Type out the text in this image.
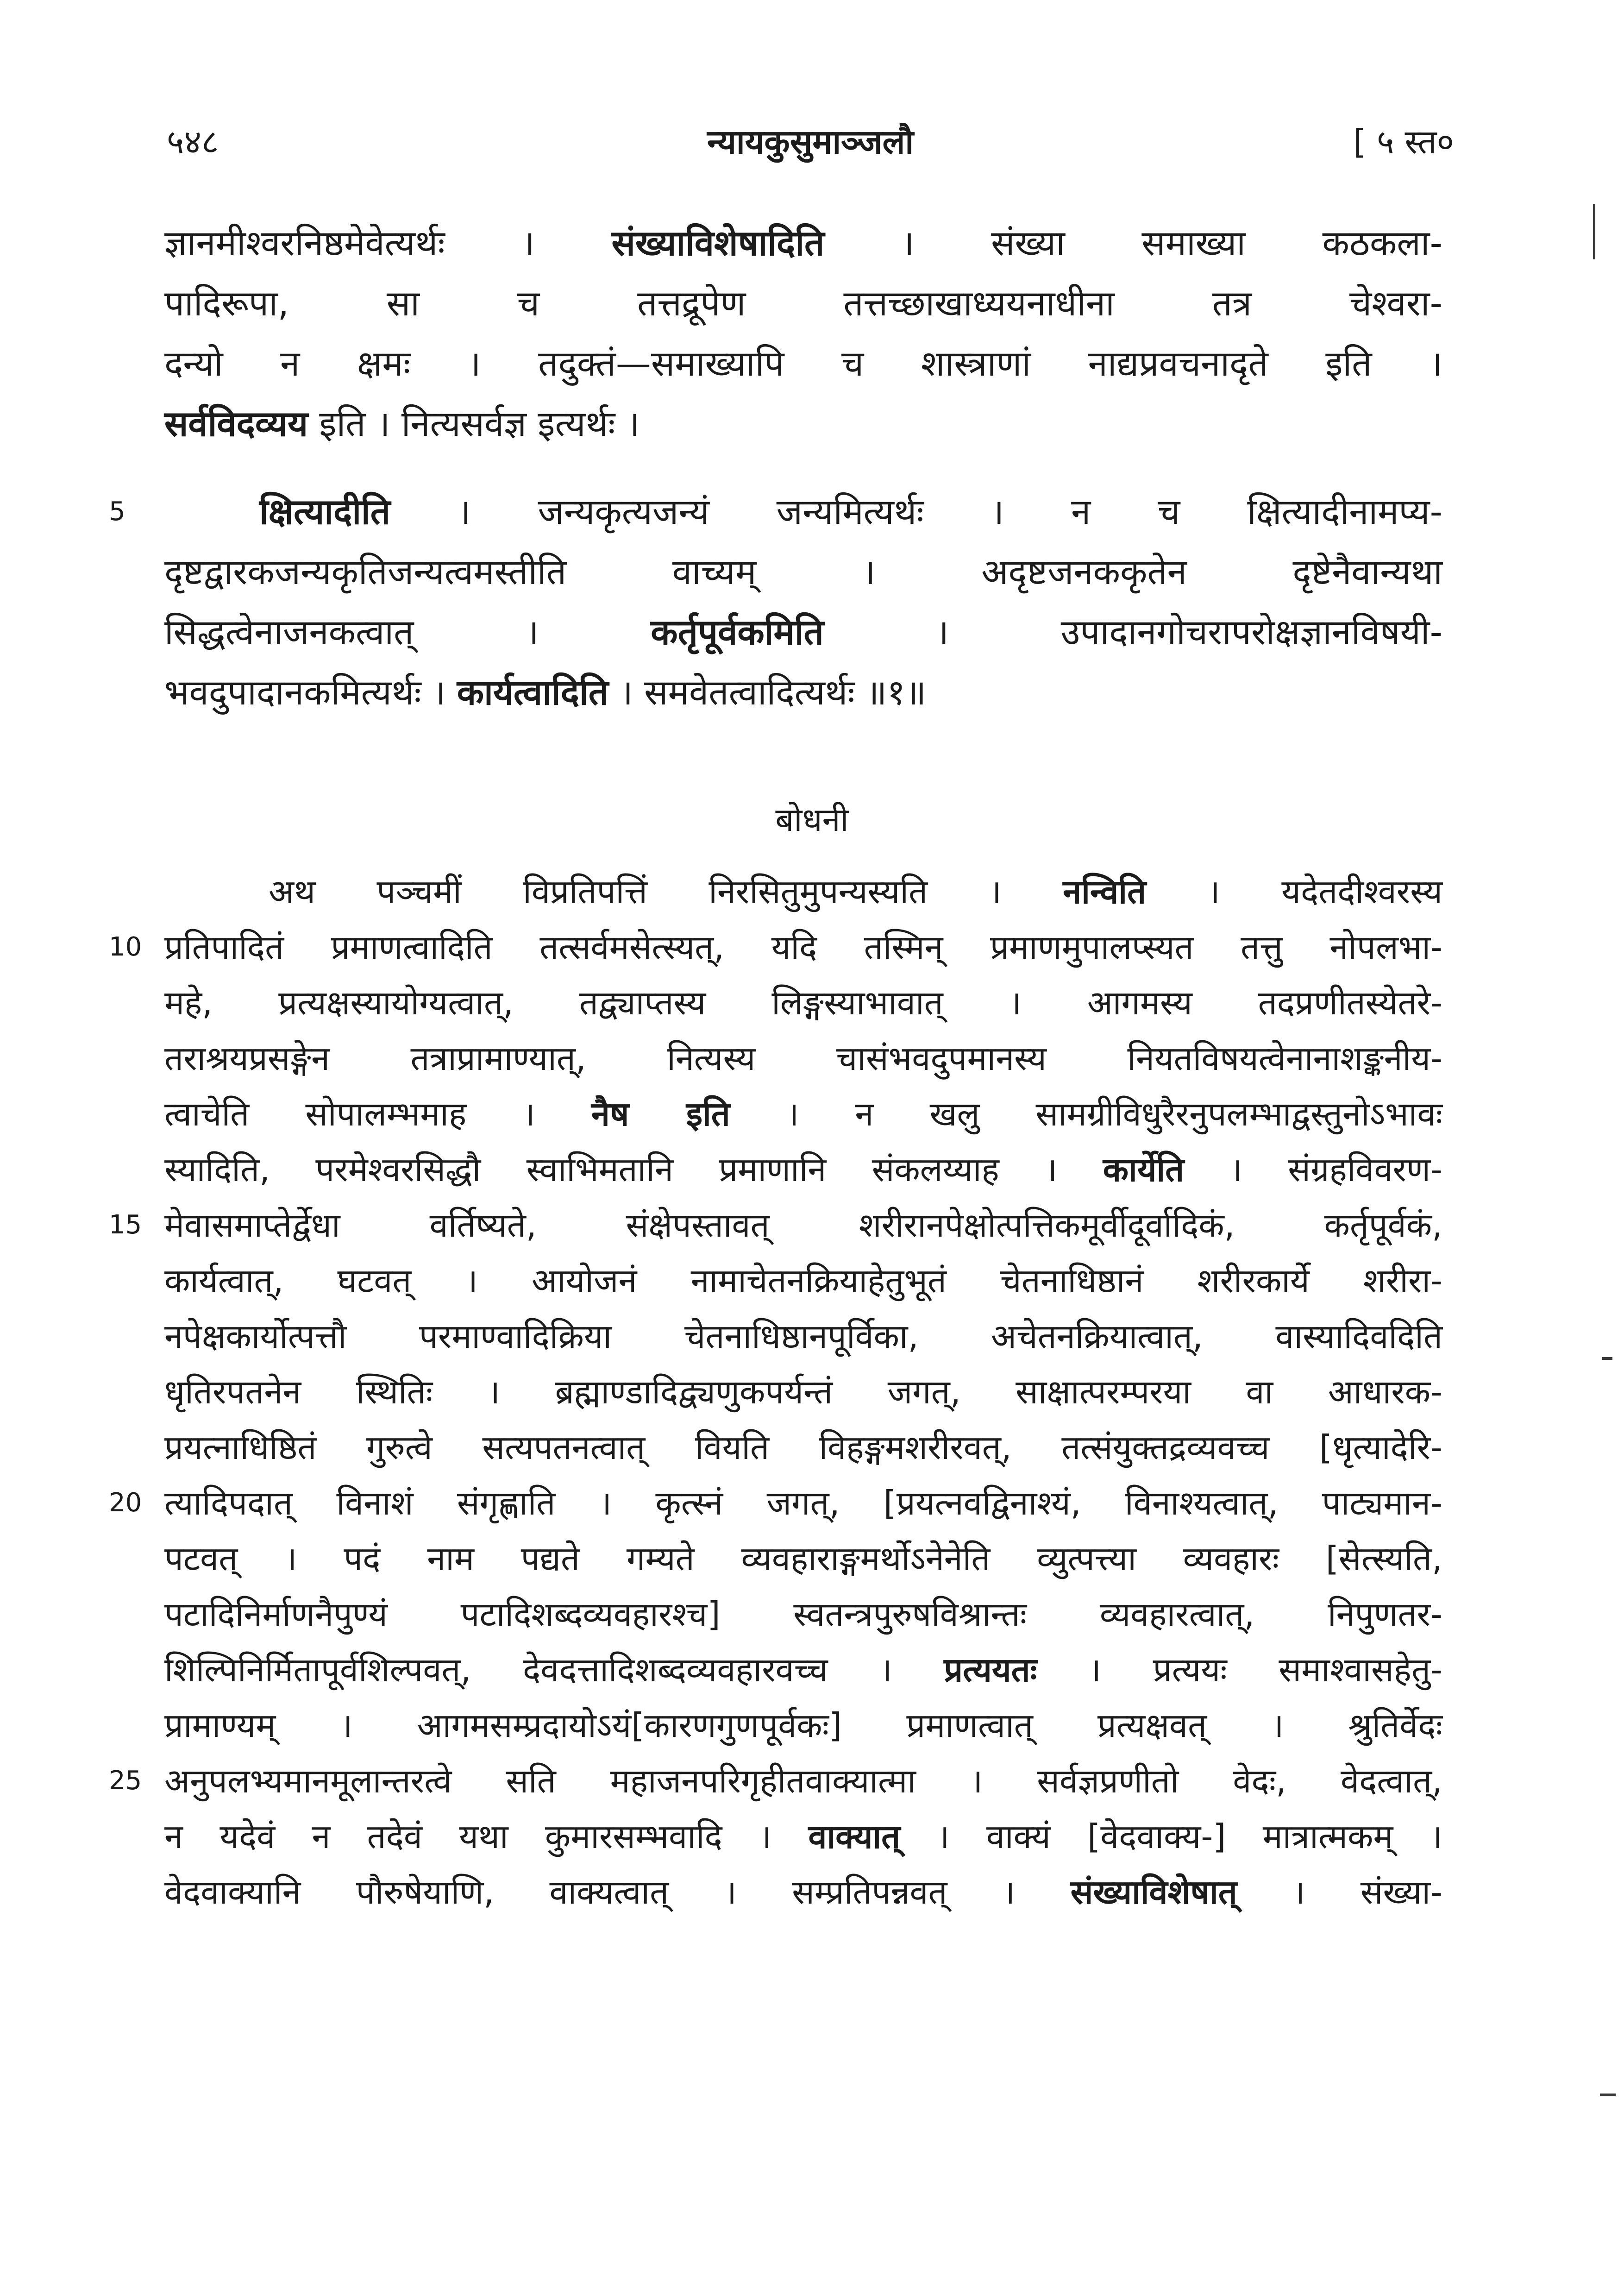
५४८	न्यायकुसुमाञ्जलौ	[ ५ स्त०
ज्ञानमीश्वरनिष्ठमेवेत्यर्थः । संख्याविशेषादिति । संख्या समाख्या कठकला-
पादिरूपा, सा च तत्तद्रूपेण तत्तच्छाखाध्ययनाधीना तत्र चेश्वरा-
दन्यो न क्षमः । तदुक्तं—समाख्यापि च शास्त्राणां नाद्यप्रवचनादृते इति ।
सर्वविदव्यय इति । नित्यसर्वज्ञ इत्यर्थः ।
5	क्षित्यादीति । जन्यकृत्यजन्यं जन्यमित्यर्थः । न च क्षित्यादीनामप्य-
दृष्टद्वारकजन्यकृतिजन्यत्वमस्तीति वाच्यम् । अदृष्टजनककृतेन दृष्टेनैवान्यथा
सिद्धत्वेनाजनकत्वात् । कर्तृपूर्वकमिति । उपादानगोचरापरोक्षज्ञानविषयी-
भवदुपादानकमित्यर्थः । कार्यत्वादिति । समवेतत्वादित्यर्थः ॥१॥
बोधनी
अथ पञ्चमीं विप्रतिपत्तिं निरसितुमुपन्यस्यति । नन्विति । यदेतदीश्वरस्य
10 प्रतिपादितं प्रमाणत्वादिति तत्सर्वमसेत्स्यत्, यदि तस्मिन् प्रमाणमुपालप्स्यत तत्तु नोपलभा-
महे, प्रत्यक्षस्यायोग्यत्वात्, तद्व्याप्तस्य लिङ्गस्याभावात् । आगमस्य तदप्रणीतस्येतरे-
तराश्रयप्रसङ्गेन तत्राप्रामाण्यात्, नित्यस्य चासंभवदुपमानस्य नियतविषयत्वेनानाशङ्कनीय-
त्वाचेति सोपालम्भमाह । नैष इति । न खलु सामग्रीविधुरैरनुपलम्भाद्वस्तुनोऽभावः
स्यादिति, परमेश्वरसिद्धौ स्वाभिमतानि प्रमाणानि संकलय्याह । कार्येति । संग्रहविवरण-
15 मेवासमाप्तेर्द्वेधा वर्तिष्यते, संक्षेपस्तावत् शरीरानपेक्षोत्पत्तिकमूर्वीदूर्वादिकं, कर्तृपूर्वकं,
कार्यत्वात्, घटवत् । आयोजनं नामाचेतनक्रियाहेतुभूतं चेतनाधिष्ठानं शरीरकार्ये शरीरा-
नपेक्षकार्योत्पत्तौ परमाण्वादिक्रिया चेतनाधिष्ठानपूर्विका, अचेतनक्रियात्वात्, वास्यादिवदिति
धृतिरपतनेन स्थितिः । ब्रह्माण्डादिद्व्यणुकपर्यन्तं जगत्, साक्षात्परम्परया वा आधारक-
प्रयत्नाधिष्ठितं गुरुत्वे सत्यपतनत्वात् वियति विहङ्गमशरीरवत्, तत्संयुक्तद्रव्यवच्च [धृत्यादेरि-
20 त्यादिपदात् विनाशं संगृह्णाति । कृत्स्नं जगत्, [प्रयत्नवद्विनाश्यं, विनाश्यत्वात्, पाट्यमान-
पटवत् । पदं नाम पद्यते गम्यते व्यवहाराङ्गमर्थोऽनेनेति व्युत्पत्त्या व्यवहारः [सेत्स्यति,
पटादिनिर्माणनैपुण्यं पटादिशब्दव्यवहारश्च] स्वतन्त्रपुरुषविश्रान्तः व्यवहारत्वात्, निपुणतर-
शिल्पिनिर्मितापूर्वशिल्पवत्, देवदत्तादिशब्दव्यवहारवच्च । प्रत्ययतः । प्रत्ययः समाश्वासहेतु-
प्रामाण्यम् । आगमसम्प्रदायोऽयं[कारणगुणपूर्वकः] प्रमाणत्वात् प्रत्यक्षवत् । श्रुतिर्वेदः
25 अनुपलभ्यमानमूलान्तरत्वे सति महाजनपरिगृहीतवाक्यात्मा । सर्वज्ञप्रणीतो वेदः, वेदत्वात्,
न यदेवं न तदेवं यथा कुमारसम्भवादि । वाक्यात् । वाक्यं [वेदवाक्य-] मात्रात्मकम् ।
वेदवाक्यानि पौरुषेयाणि, वाक्यत्वात् । सम्प्रतिपन्नवत् । संख्याविशेषात् । संख्या-
